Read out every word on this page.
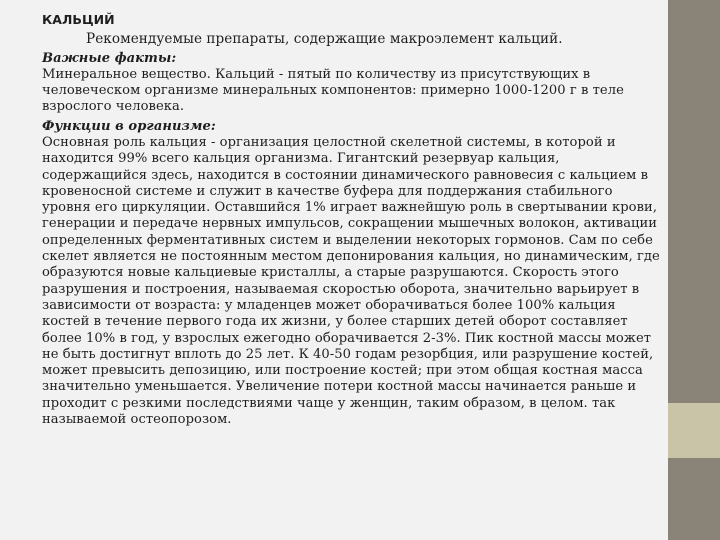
КАЛЬЦИЙ

Рекомендуемые препараты, содержащие макроэлемент кальций.

Важные факты:

Минеральное вещество. Кальций - пятый по количеству из присутствующих в человеческом организме минеральных компонентов: примерно 1000-1200 г в теле взрослого человека.

Функции в организме:

Основная роль кальция - организация целостной скелетной системы, в которой и находится 99% всего кальция организма. Гигантский резервуар кальция, содержащийся здесь, находится в состоянии динамического равновесия с кальцием в кровеносной системе и служит в качестве буфера для поддержания стабильного уровня его циркуляции. Оставшийся 1% играет важнейшую роль в свертывании крови, генерации и передаче нервных импульсов, сокращении мышечных волокон, активации определенных ферментативных систем и выделении некоторых гормонов. Сам по себе скелет является не постоянным местом депонирования кальция, но динамическим, где образуются новые кальциевые кристаллы, а старые разрушаются. Скорость этого разрушения и построения, называемая скоростью оборота, значительно варьирует в зависимости от возраста: у младенцев может оборачиваться более 100% кальция костей в течение первого года их жизни, у более старших детей оборот составляет более 10% в год, у взрослых ежегодно оборачивается 2-3%. Пик костной массы может не быть достигнут вплоть до 25 лет. К 40-50 годам резорбция, или разрушение костей, может превысить депозицию, или построение костей; при этом общая костная масса значительно уменьшается. Увеличение потери костной массы начинается раньше и проходит с резкими последствиями чаще у женщин, таким образом, в целом. так называемой остеопорозом.
